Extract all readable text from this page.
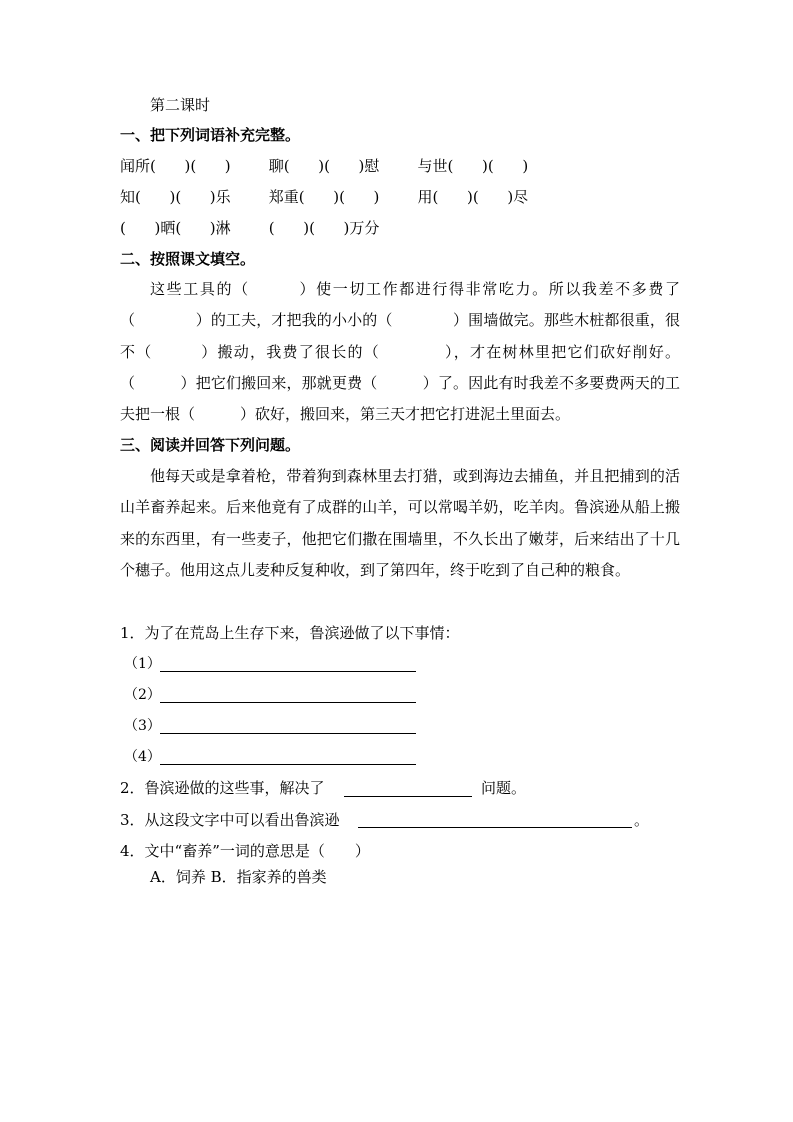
第二课时
一、把下列词语补充完整。
闻所(      )(      )        聊(      )(      )慰        与世(      )(      )
知(      )(      )乐        郑重(      )(      )        用(      )(      )尽
(      )晒(      )淋        (      )(      )万分
二、按照课文填空。
这些工具的（　　　）使一切工作都进行得非常吃力。所以我差不多费了（　　　　）的工夫，才把我的小小的（　　　　）围墙做完。那些木桩都很重，很不（　　　）搬动，我费了很长的（　　　　），才在树林里把它们砍好削好。（　　　）把它们搬回来，那就更费（　　　）了。因此有时我差不多要费两天的工夫把一根（　　　）砍好，搬回来，第三天才把它打进泥土里面去。
三、阅读并回答下列问题。
他每天或是拿着枪，带着狗到森林里去打猎，或到海边去捕鱼，并且把捕到的活山羊畜养起来。后来他竟有了成群的山羊，可以常喝羊奶，吃羊肉。鲁滨逊从船上搬来的东西里，有一些麦子，他把它们撒在围墙里，不久长出了嫩芽，后来结出了十几个穗子。他用这点儿麦种反复种收，到了第四年，终于吃到了自己种的粮食。
1．为了在荒岛上生存下来，鲁滨逊做了以下事情：
（1）
（2）
（3）
（4）
2．鲁滨逊做的这些事，解决了	问题。
3．从这段文字中可以看出鲁滨逊	。
4．文中“畜养”一词的意思是（　　）
A．饲养 B．指家养的兽类
